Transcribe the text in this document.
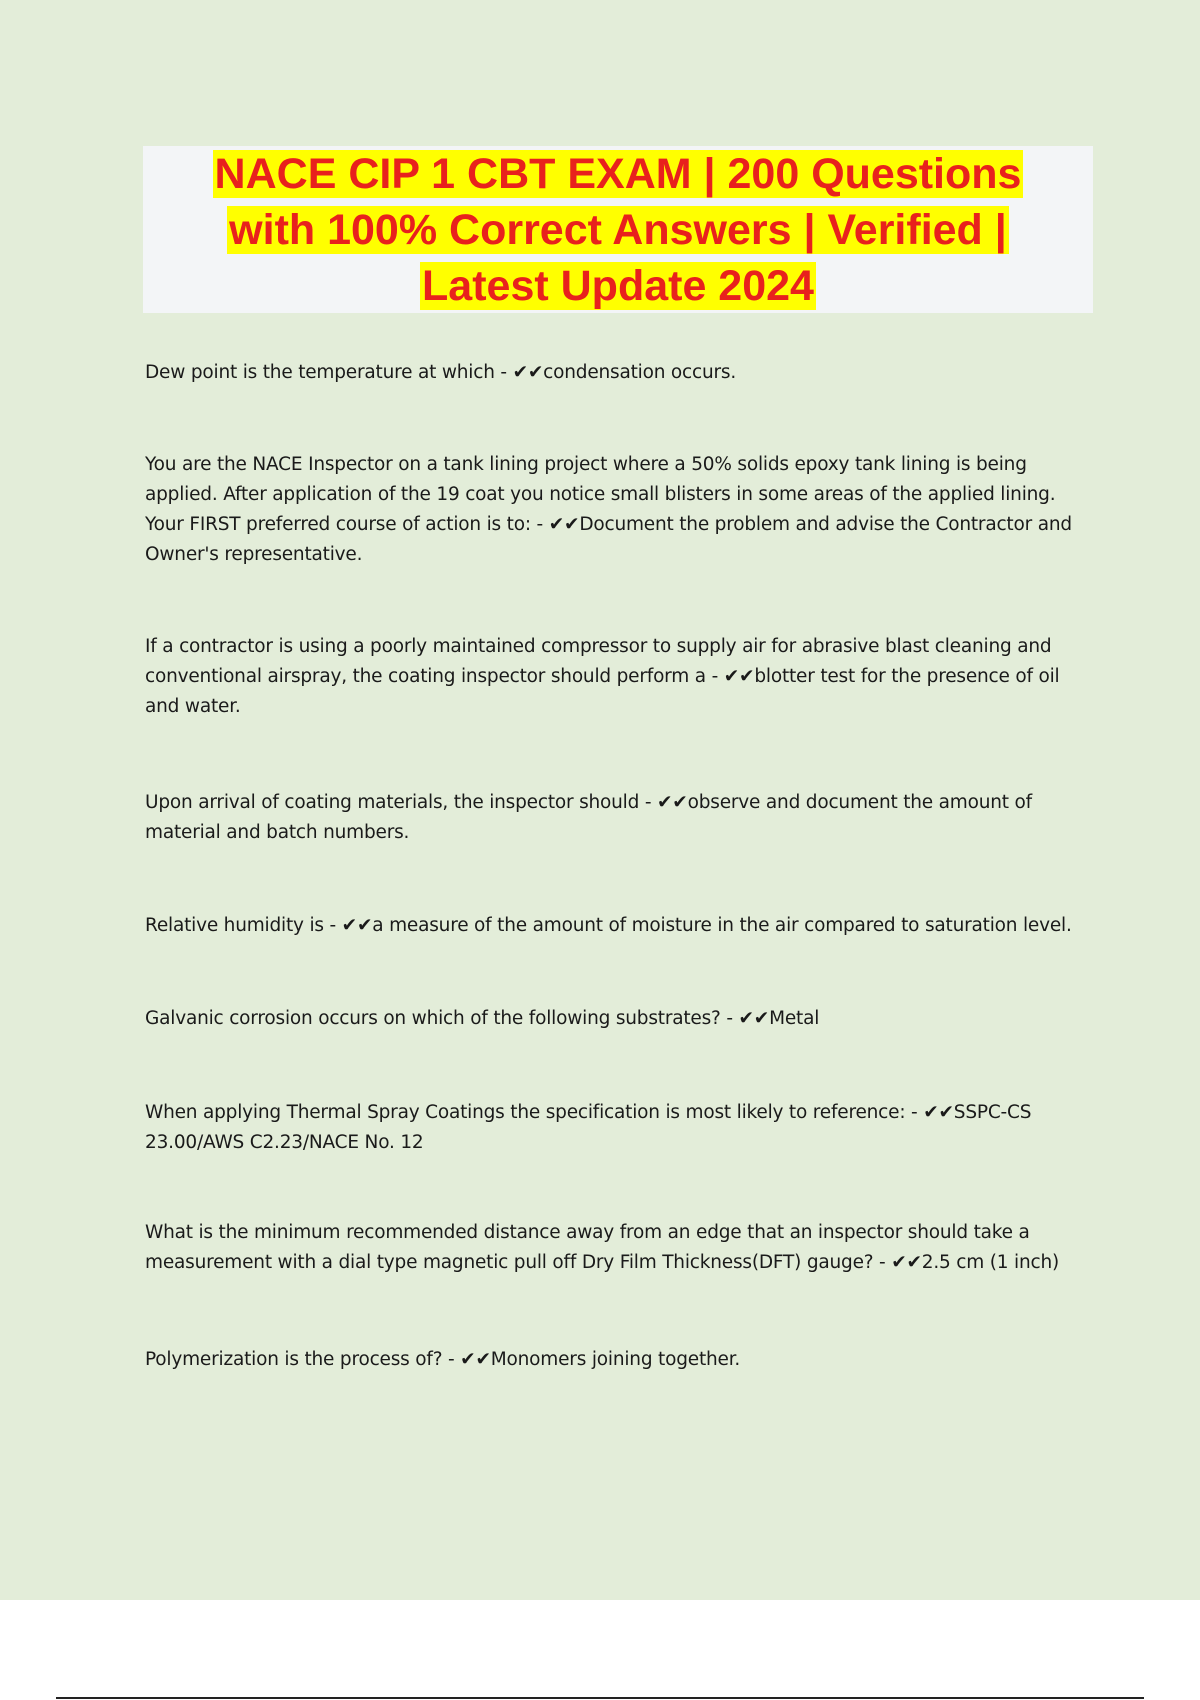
NACE CIP 1 CBT EXAM | 200 Questions
with 100% Correct Answers | Verified |
Latest Update 2024

Dew point is the temperature at which - ✔✔condensation occurs.

You are the NACE Inspector on a tank lining project where a 50% solids epoxy tank lining is being applied. After application of the 19 coat you notice small blisters in some areas of the applied lining. Your FIRST preferred course of action is to: - ✔✔Document the problem and advise the Contractor and Owner's representative.

If a contractor is using a poorly maintained compressor to supply air for abrasive blast cleaning and conventional airspray, the coating inspector should perform a - ✔✔blotter test for the presence of oil and water.

Upon arrival of coating materials, the inspector should - ✔✔observe and document the amount of material and batch numbers.

Relative humidity is - ✔✔a measure of the amount of moisture in the air compared to saturation level.

Galvanic corrosion occurs on which of the following substrates? - ✔✔Metal

When applying Thermal Spray Coatings the specification is most likely to reference: - ✔✔SSPC-CS 23.00/AWS C2.23/NACE No. 12

What is the minimum recommended distance away from an edge that an inspector should take a measurement with a dial type magnetic pull off Dry Film Thickness(DFT) gauge? - ✔✔2.5 cm (1 inch)

Polymerization is the process of? - ✔✔Monomers joining together.
